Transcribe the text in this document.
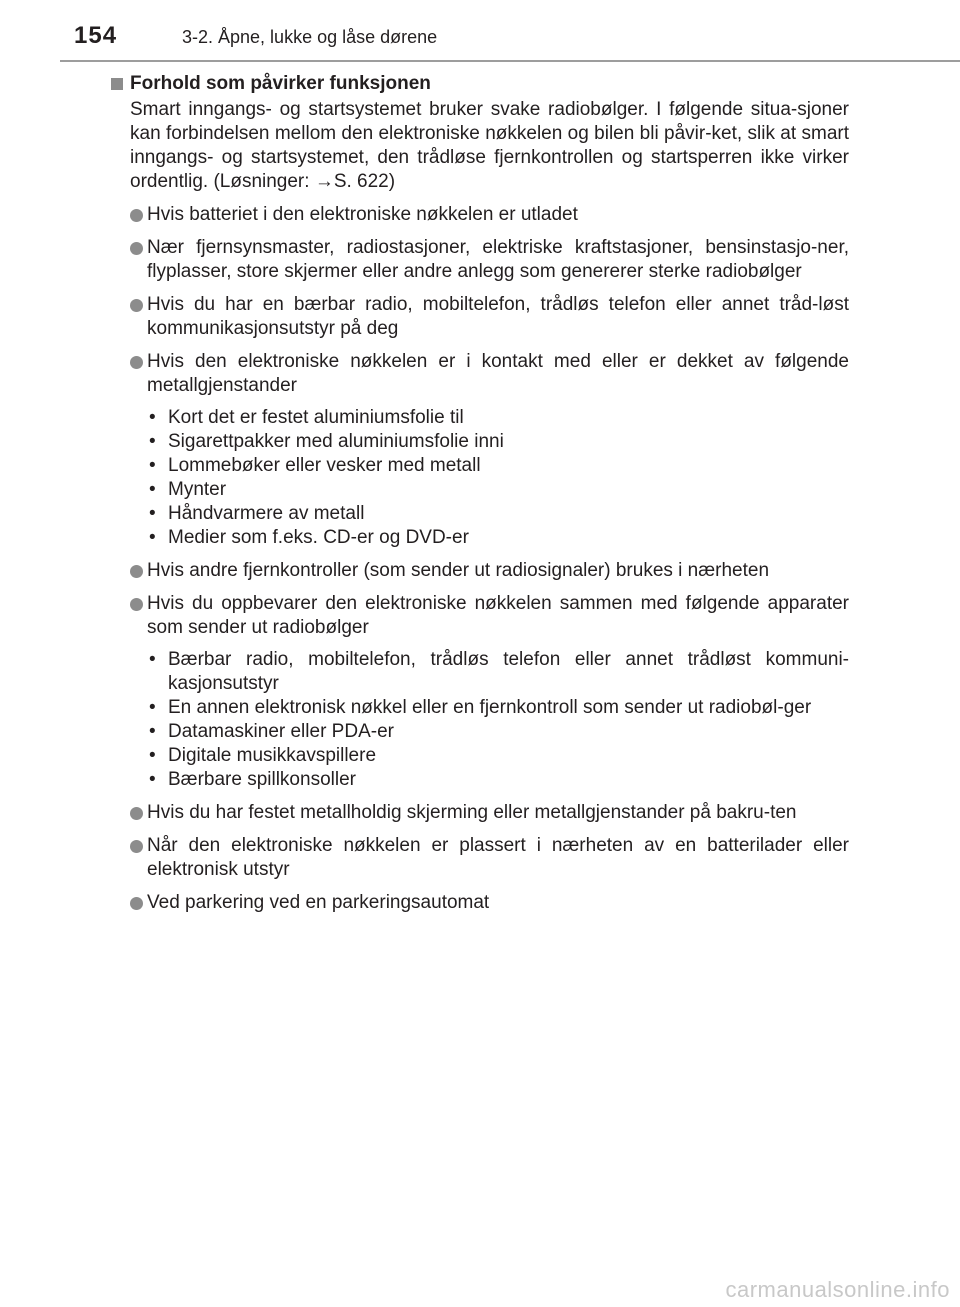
154	3-2. Åpne, lukke og låse dørene
Forhold som påvirker funksjonen
Smart inngangs- og startsystemet bruker svake radiobølger. I følgende situa-sjoner kan forbindelsen mellom den elektroniske nøkkelen og bilen bli påvir-ket, slik at smart inngangs- og startsystemet, den trådløse fjernkontrollen og startsperren ikke virker ordentlig. (Løsninger: →S. 622)
Hvis batteriet i den elektroniske nøkkelen er utladet
Nær fjernsynsmaster, radiostasjoner, elektriske kraftstasjoner, bensinstasjo-ner, flyplasser, store skjermer eller andre anlegg som genererer sterke radiobølger
Hvis du har en bærbar radio, mobiltelefon, trådløs telefon eller annet tråd-løst kommunikasjonsutstyr på deg
Hvis den elektroniske nøkkelen er i kontakt med eller er dekket av følgende metallgjenstander
• Kort det er festet aluminiumsfolie til
• Sigarettpakker med aluminiumsfolie inni
• Lommebøker eller vesker med metall
• Mynter
• Håndvarmere av metall
• Medier som f.eks. CD-er og DVD-er
Hvis andre fjernkontroller (som sender ut radiosignaler) brukes i nærheten
Hvis du oppbevarer den elektroniske nøkkelen sammen med følgende apparater som sender ut radiobølger
• Bærbar radio, mobiltelefon, trådløs telefon eller annet trådløst kommuni-kasjonsutstyr
• En annen elektronisk nøkkel eller en fjernkontroll som sender ut radiobøl-ger
• Datamaskiner eller PDA-er
• Digitale musikkavspillere
• Bærbare spillkonsoller
Hvis du har festet metallholdig skjerming eller metallgjenstander på bakru-ten
Når den elektroniske nøkkelen er plassert i nærheten av en batterilader eller elektronisk utstyr
Ved parkering ved en parkeringsautomat
carmanualsonline.info
